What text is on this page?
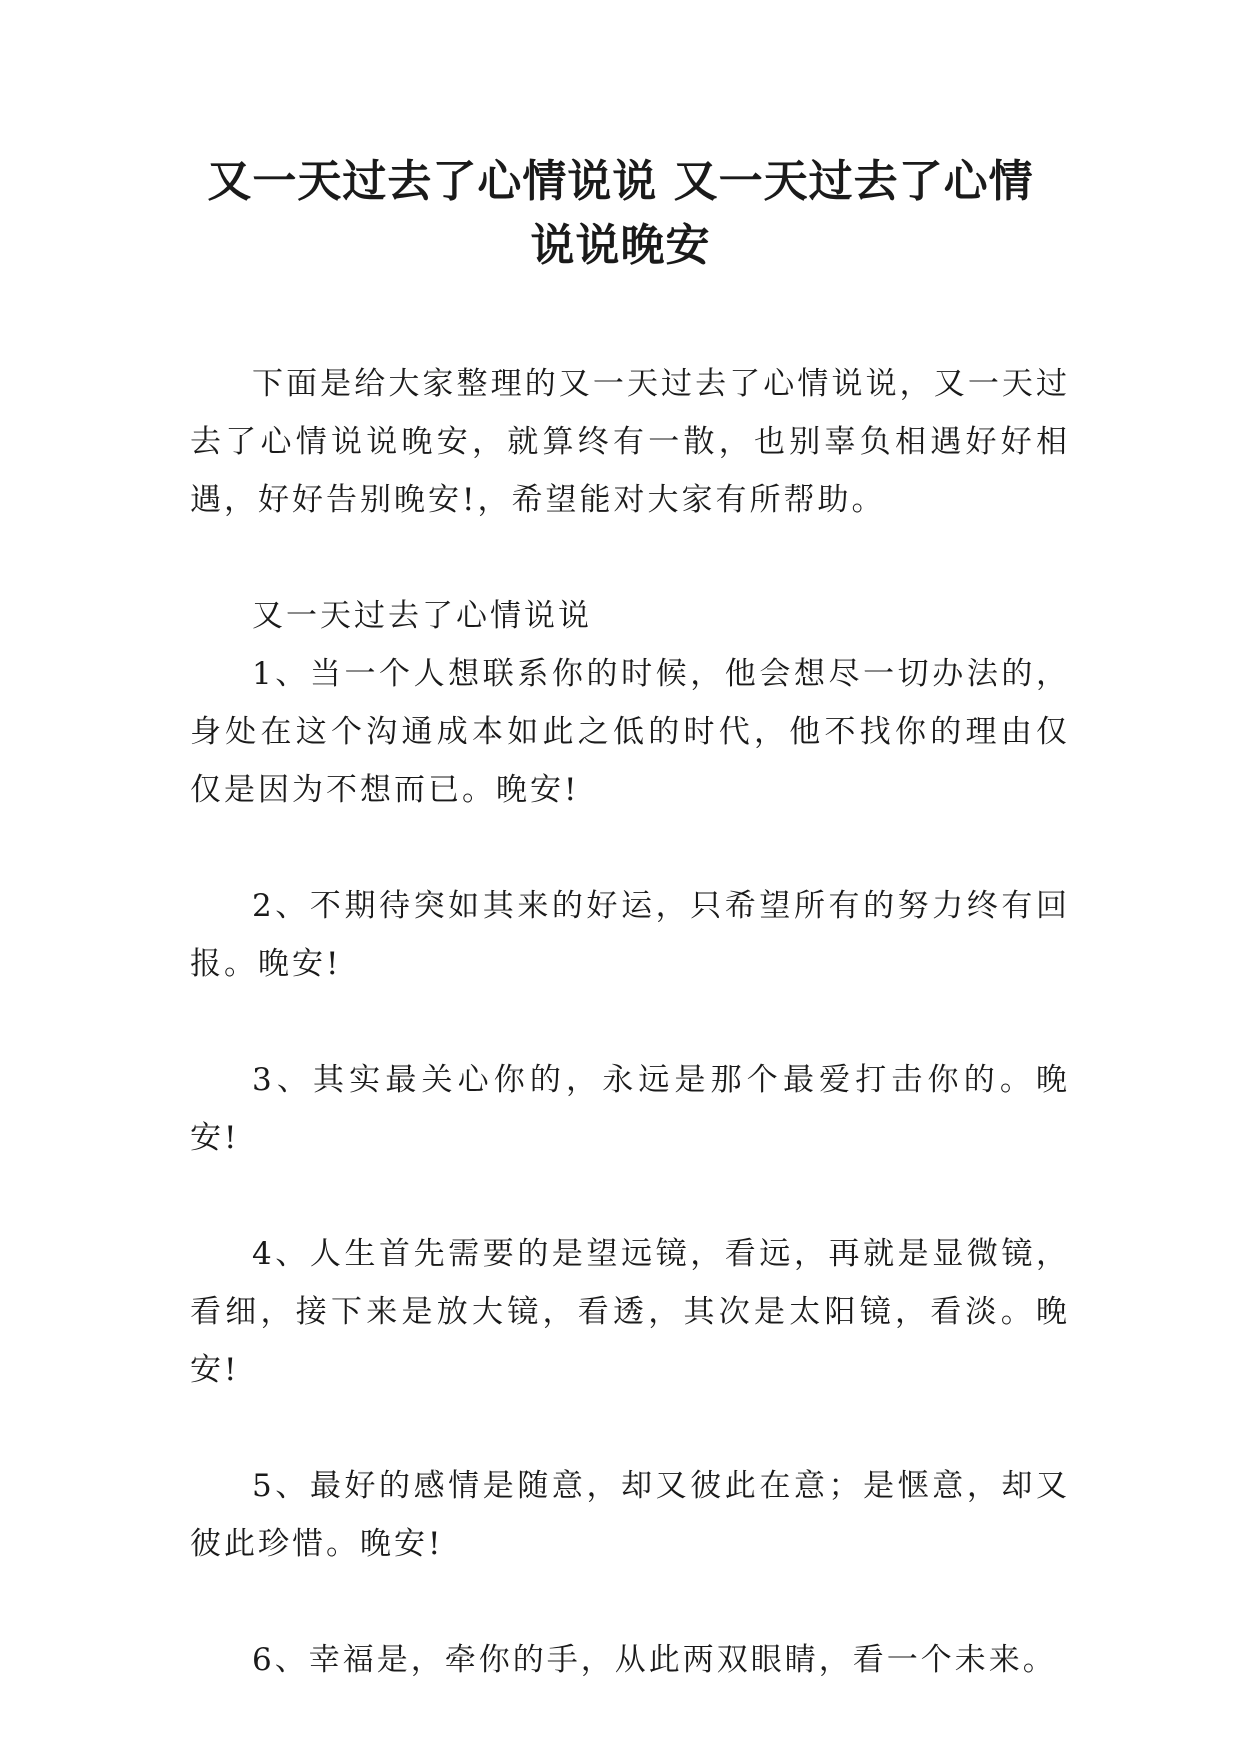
又一天过去了心情说说 又一天过去了心情
说说晚安

下面是给大家整理的又一天过去了心情说说，又一天过去了心情说说晚安，就算终有一散，也别辜负相遇好好相遇，好好告别晚安!，希望能对大家有所帮助。

又一天过去了心情说说

1、当一个人想联系你的时候，他会想尽一切办法的，身处在这个沟通成本如此之低的时代，他不找你的理由仅仅是因为不想而已。晚安!

2、不期待突如其来的好运，只希望所有的努力终有回报。晚安!

3、其实最关心你的，永远是那个最爱打击你的。晚安!

4、人生首先需要的是望远镜，看远，再就是显微镜，看细，接下来是放大镜，看透，其次是太阳镜，看淡。晚安!

5、最好的感情是随意，却又彼此在意；是惬意，却又彼此珍惜。晚安!

6、幸福是，牵你的手，从此两双眼睛，看一个未来。
